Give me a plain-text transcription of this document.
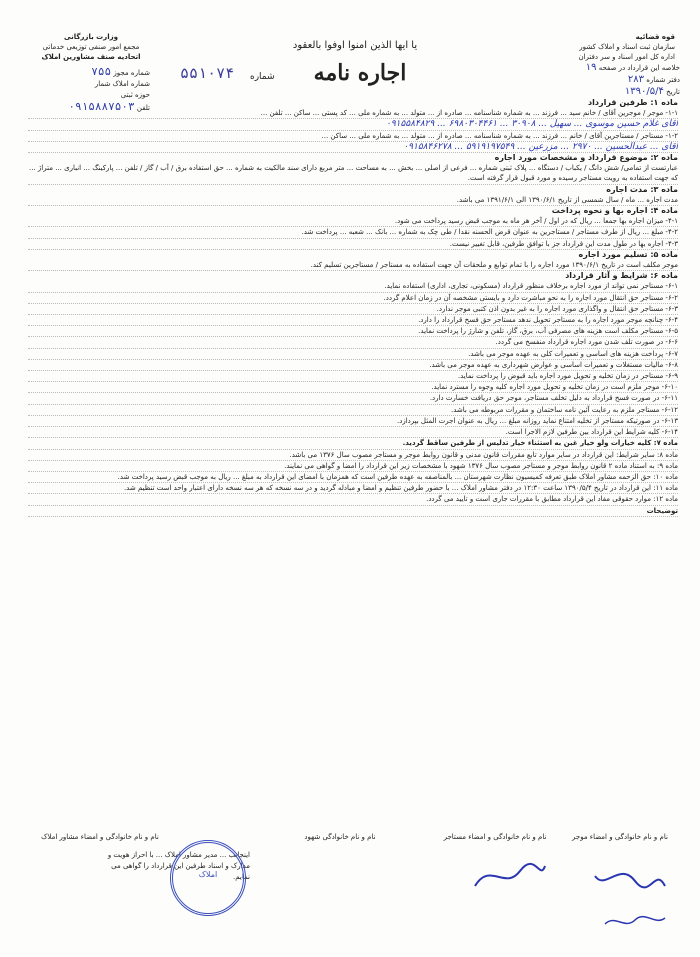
وزارت بازرگانی
مجمع امور صنفی توزیعی خدماتی
اتحادیه صنف مشاورین املاک
شماره مجوز ۷۵۵
شماره املاک شمار
حوزه ثبتی
تلفن ۰۹۱۵۸۸۷۵۰۳
یا ایها الذین امنوا اوفوا بالعقود
اجاره نامه
شماره
۵۵۱۰۷۴
قوه قضائیه
سازمان ثبت اسناد و املاک کشور
اداره کل امور اسناد و سر دفتران
۱۹ خلاصه این قرارداد در صفحه
۲۸۳ دفتر شماره
۱۳۹۰/۵/۴ تاریخ
ماده ۱: طرفین قرارداد
۱-۱- موجر / موجرین آقای / خانم سید ... فرزند ... به شماره شناسنامه ... صادره از ... متولد ... به شماره ملی ... کد پستی ... ساکن ... تلفن ...
آقای غلام حسین موسوی ... سهیل ... ۳۰۹۰۸ ... ۶۹۸۰۳۰۴۴۶۱ ... ۰۹۱۵۵۸۴۸۲۹
۱-۲- مستاجر / مستاجرین آقای / خانم ... فرزند ... به شماره شناسنامه ... صادره از ... متولد ... به شماره ملی ... ساکن ...
آقای ... عبدالحسین ... ۲۹۷۰ ... مزرعین ... ۵۹۱۹۱۹۷۵۴۹ ... ۰۹۱۵۸۴۶۲۷۸
ماده ۲: موضوع قرارداد و مشخصات مورد اجاره
عبارتست از تمامی/ شش دانگ / یکباب / دستگاه ... پلاک ثبتی شماره ... فرعی از اصلی ... بخش ... به مساحت ... متر مربع دارای سند مالکیت به شماره ... حق استفاده برق / آب / گاز / تلفن ... پارکینگ ... انباری ... متراژ ... که جهت استفاده به رویت مستاجر رسیده و مورد قبول قرار گرفته است.
ماده ۳: مدت اجاره
مدت اجاره ... ماه / سال شمسی از تاریخ ۱۳۹۰/۶/۱ الی ۱۳۹۱/۶/۱ می باشد.
ماده ۴: اجاره بها و نحوه پرداخت
۴-۱- میزان اجاره بها جمعا ... ریال که در اول / آخر هر ماه به موجب قبض رسید پرداخت می شود.
۴-۲- مبلغ ... ریال از طرف مستاجر / مستاجرین به عنوان قرض الحسنه نقدا / طی چک به شماره ... بانک ... شعبه ... پرداخت شد.
۴-۳- اجاره بها در طول مدت این قرارداد جز با توافق طرفین، قابل تغییر نیست.
ماده ۵: تسلیم مورد اجاره
موجر مکلف است در تاریخ ۱۳۹۰/۶/۱ مورد اجاره را با تمام توابع و ملحقات آن جهت استفاده به مستاجر / مستاجرین تسلیم کند.
ماده ۶: شرایط و آثار قرارداد
۶-۱- مستاجر نمی تواند از مورد اجاره برخلاف منظور قرارداد (مسکونی، تجاری، اداری) استفاده نماید.
۶-۲- مستاجر حق انتقال مورد اجاره را به نحو مباشرت دارد و بایستی مشخصه آن در زمان اعلام گردد.
۶-۳- مستاجر حق انتقال و واگذاری مورد اجاره را به غیر بدون اذن کتبی موجر ندارد.
۶-۴- چنانچه موجر مورد اجاره را به مستاجر تحویل ندهد مستاجر حق فسخ قرارداد را دارد.
۶-۵- مستاجر مکلف است هزینه های مصرفی آب، برق، گاز، تلفن و شارژ را پرداخت نماید.
۶-۶- در صورت تلف شدن مورد اجاره قرارداد منفسخ می گردد.
۶-۷- پرداخت هزینه های اساسی و تعمیرات کلی به عهده موجر می باشد.
۶-۸- مالیات مستغلات و تعمیرات اساسی و عوارض شهرداری به عهده موجر می باشد.
۶-۹- مستاجر در زمان تخلیه و تحویل مورد اجاره باید قبوض را پرداخت نماید.
۶-۱۰- موجر ملزم است در زمان تخلیه و تحویل مورد اجاره کلیه وجوه را مسترد نماید.
۶-۱۱- در صورت فسخ قرارداد به دلیل تخلف مستاجر، موجر حق دریافت خسارت دارد.
۶-۱۲- مستاجر ملزم به رعایت آئین نامه ساختمان و مقررات مربوطه می باشد.
۶-۱۳- در صورتیکه مستاجر از تخلیه امتناع نماید روزانه مبلغ ... ریال به عنوان اجرت المثل بپردازد.
۶-۱۴- کلیه شرایط این قرارداد بین طرفین لازم الاجرا است.
ماده ۷: کلیه خیارات ولو خیار غبن به استثناء خیار تدلیس از طرفین ساقط گردید.
ماده ۸: سایر شرایط: این قرارداد در سایر موارد تابع مقررات قانون مدنی و قانون روابط موجر و مستاجر مصوب سال ۱۳۷۶ می باشد.
ماده ۹: به استناد ماده ۲ قانون روابط موجر و مستاجر مصوب سال ۱۳۷۶ شهود با مشخصات زیر این قرارداد را امضا و گواهی می نمایند.
ماده ۱۰: حق الزحمه مشاور املاک طبق تعرفه کمیسیون نظارت شهرستان ... بالمناصفه به عهده طرفین است که همزمان با امضای این قرارداد به مبلغ ... ریال به موجب قبض رسید پرداخت شد.
ماده ۱۱: این قرارداد در تاریخ ۱۳۹۰/۵/۴ ساعت ۱۲:۳۰ در دفتر مشاور املاک ... با حضور طرفین تنظیم و امضا و مبادله گردید و در سه نسخه که هر سه نسخه دارای اعتبار واحد است تنظیم شد.
ماده ۱۲: موارد حقوقی مفاد این قرارداد مطابق با مقررات جاری است و تایید می گردد.
توضیحات
نام و نام خانوادگی و امضاء موجر
نام و نام خانوادگی و امضاء مستاجر
نام و نام خانوادگی شهود
نام و نام خانوادگی و امضاء مشاور املاک
اینجانب ... مدیر مشاور املاک ... با احراز هویت و مدارک و اسناد طرفین این قرارداد را گواهی می نمایم.
املاک
